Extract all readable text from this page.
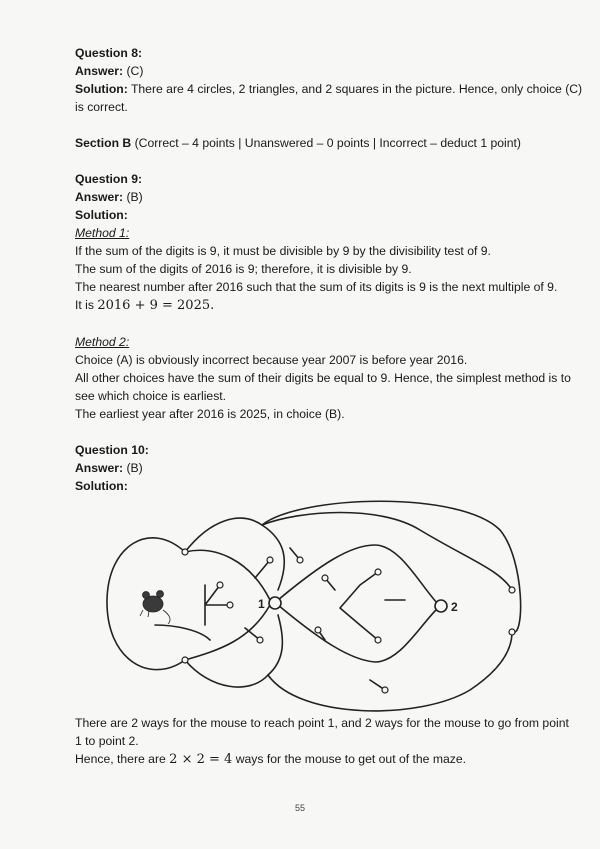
Question 8:
Answer: (C)
Solution: There are 4 circles, 2 triangles, and 2 squares in the picture. Hence, only choice (C)
is correct.
Section B (Correct – 4 points | Unanswered – 0 points | Incorrect – deduct 1 point)
Question 9:
Answer: (B)
Solution:
Method 1:
If the sum of the digits is 9, it must be divisible by 9 by the divisibility test of 9.
The sum of the digits of 2016 is 9; therefore, it is divisible by 9.
The nearest number after 2016 such that the sum of its digits is 9 is the next multiple of 9.
It is 2016 + 9 = 2025.
Method 2:
Choice (A) is obviously incorrect because year 2007 is before year 2016.
All other choices have the sum of their digits be equal to 9. Hence, the simplest method is to
see which choice is earliest.
The earliest year after 2016 is 2025, in choice (B).
Question 10:
Answer: (B)
Solution:
1	2
There are 2 ways for the mouse to reach point 1, and 2 ways for the mouse to go from point
1 to point 2.
Hence, there are 2 × 2 = 4 ways for the mouse to get out of the maze.
55
